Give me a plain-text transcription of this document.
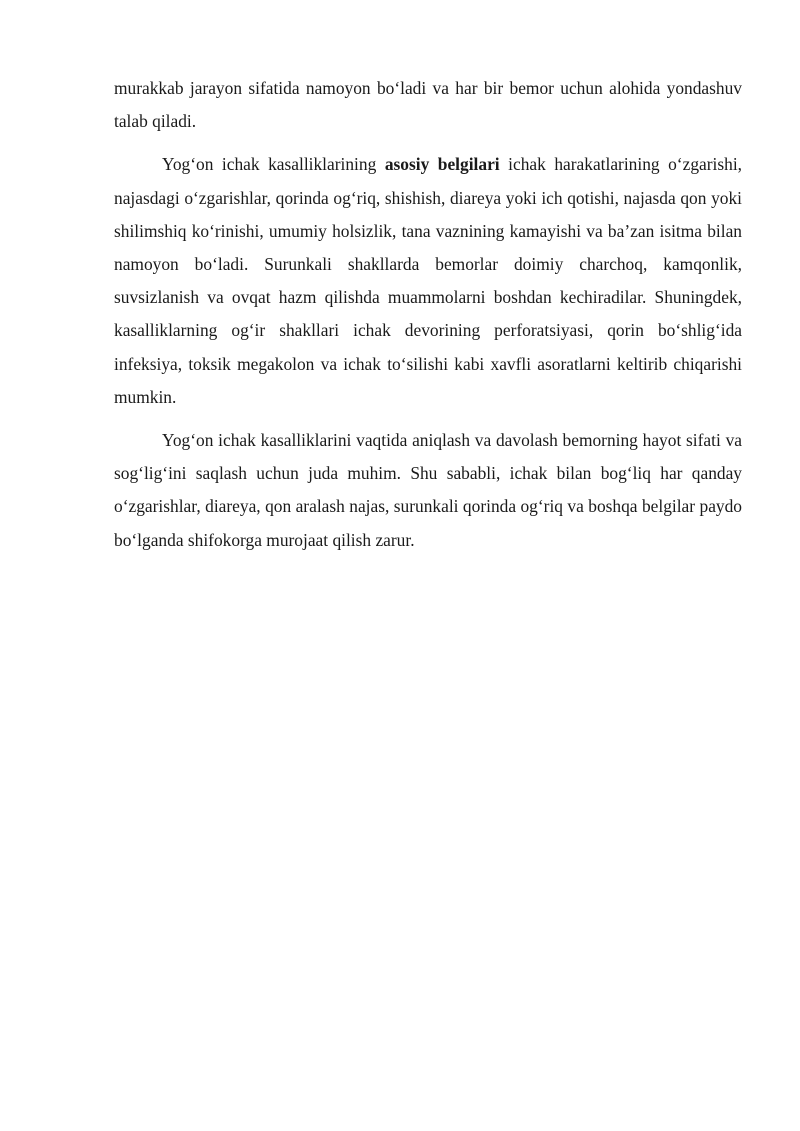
murakkab jarayon sifatida namoyon bo‘ladi va har bir bemor uchun alohida yondashuv talab qiladi.

Yog‘on ichak kasalliklarining asosiy belgilari ichak harakatlarining o‘zgarishi, najasdagi o‘zgarishlar, qorinda og‘riq, shishish, diareya yoki ich qotishi, najasda qon yoki shilimshiq ko‘rinishi, umumiy holsizlik, tana vaznining kamayishi va ba’zan isitma bilan namoyon bo‘ladi. Surunkali shakllarda bemorlar doimiy charchoq, kamqonlik, suvsizlanish va ovqat hazm qilishda muammolarni boshdan kechiradilar. Shuningdek, kasalliklarning og‘ir shakllari ichak devorining perforatsiyasi, qorin bo‘shlig‘ida infeksiya, toksik megakolon va ichak to‘silishi kabi xavfli asoratlarni keltirib chiqarishi mumkin.

Yog‘on ichak kasalliklarini vaqtida aniqlash va davolash bemorning hayot sifati va sog‘lig‘ini saqlash uchun juda muhim. Shu sababli, ichak bilan bog‘liq har qanday o‘zgarishlar, diareya, qon aralash najas, surunkali qorinda og‘riq va boshqa belgilar paydo bo‘lganda shifokorga murojaat qilish zarur.
